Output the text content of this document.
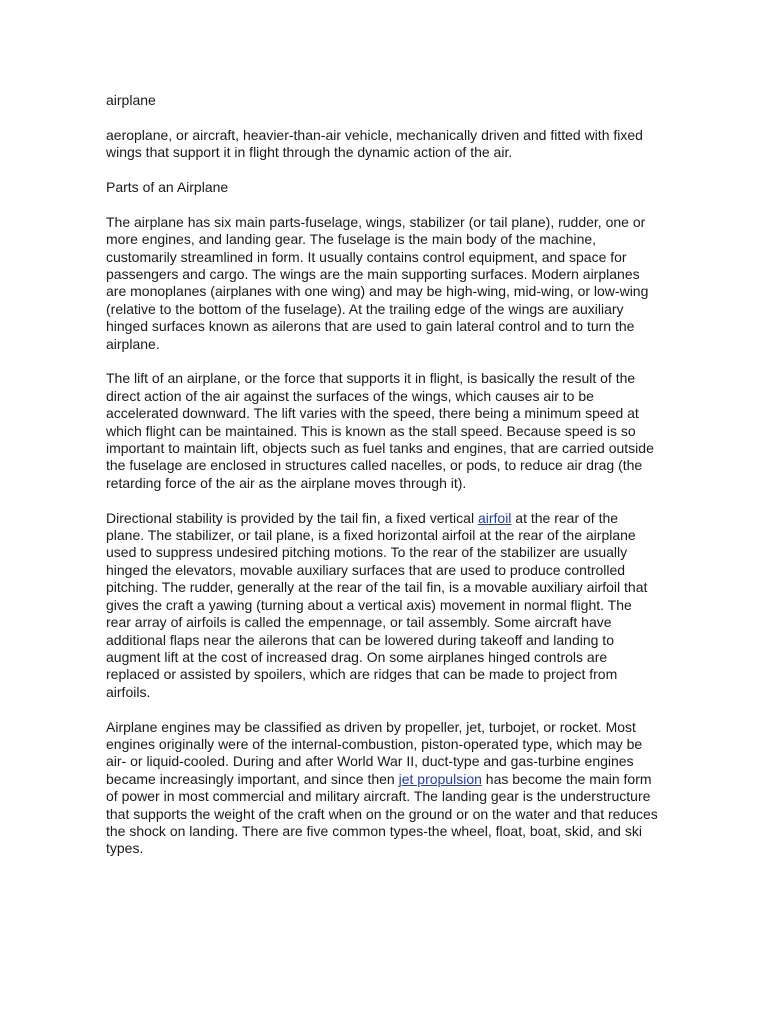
airplane

aeroplane, or aircraft, heavier-than-air vehicle, mechanically driven and fitted with fixed wings that support it in flight through the dynamic action of the air.

Parts of an Airplane

The airplane has six main parts‑fuselage, wings, stabilizer (or tail plane), rudder, one or more engines, and landing gear. The fuselage is the main body of the machine, customarily streamlined in form. It usually contains control equipment, and space for passengers and cargo. The wings are the main supporting surfaces. Modern airplanes are monoplanes (airplanes with one wing) and may be high-wing, mid-wing, or low-wing (relative to the bottom of the fuselage). At the trailing edge of the wings are auxiliary hinged surfaces known as ailerons that are used to gain lateral control and to turn the airplane.

The lift of an airplane, or the force that supports it in flight, is basically the result of the direct action of the air against the surfaces of the wings, which causes air to be accelerated downward. The lift varies with the speed, there being a minimum speed at which flight can be maintained. This is known as the stall speed. Because speed is so important to maintain lift, objects such as fuel tanks and engines, that are carried outside the fuselage are enclosed in structures called nacelles, or pods, to reduce air drag (the retarding force of the air as the airplane moves through it).

Directional stability is provided by the tail fin, a fixed vertical airfoil at the rear of the plane. The stabilizer, or tail plane, is a fixed horizontal airfoil at the rear of the airplane used to suppress undesired pitching motions. To the rear of the stabilizer are usually hinged the elevators, movable auxiliary surfaces that are used to produce controlled pitching. The rudder, generally at the rear of the tail fin, is a movable auxiliary airfoil that gives the craft a yawing (turning about a vertical axis) movement in normal flight. The rear array of airfoils is called the empennage, or tail assembly. Some aircraft have additional flaps near the ailerons that can be lowered during takeoff and landing to augment lift at the cost of increased drag. On some airplanes hinged controls are replaced or assisted by spoilers, which are ridges that can be made to project from airfoils.

Airplane engines may be classified as driven by propeller, jet, turbojet, or rocket. Most engines originally were of the internal-combustion, piston-operated type, which may be air- or liquid-cooled. During and after World War II, duct-type and gas-turbine engines became increasingly important, and since then jet propulsion has become the main form of power in most commercial and military aircraft. The landing gear is the understructure that supports the weight of the craft when on the ground or on the water and that reduces the shock on landing. There are five common types‑the wheel, float, boat, skid, and ski types.
